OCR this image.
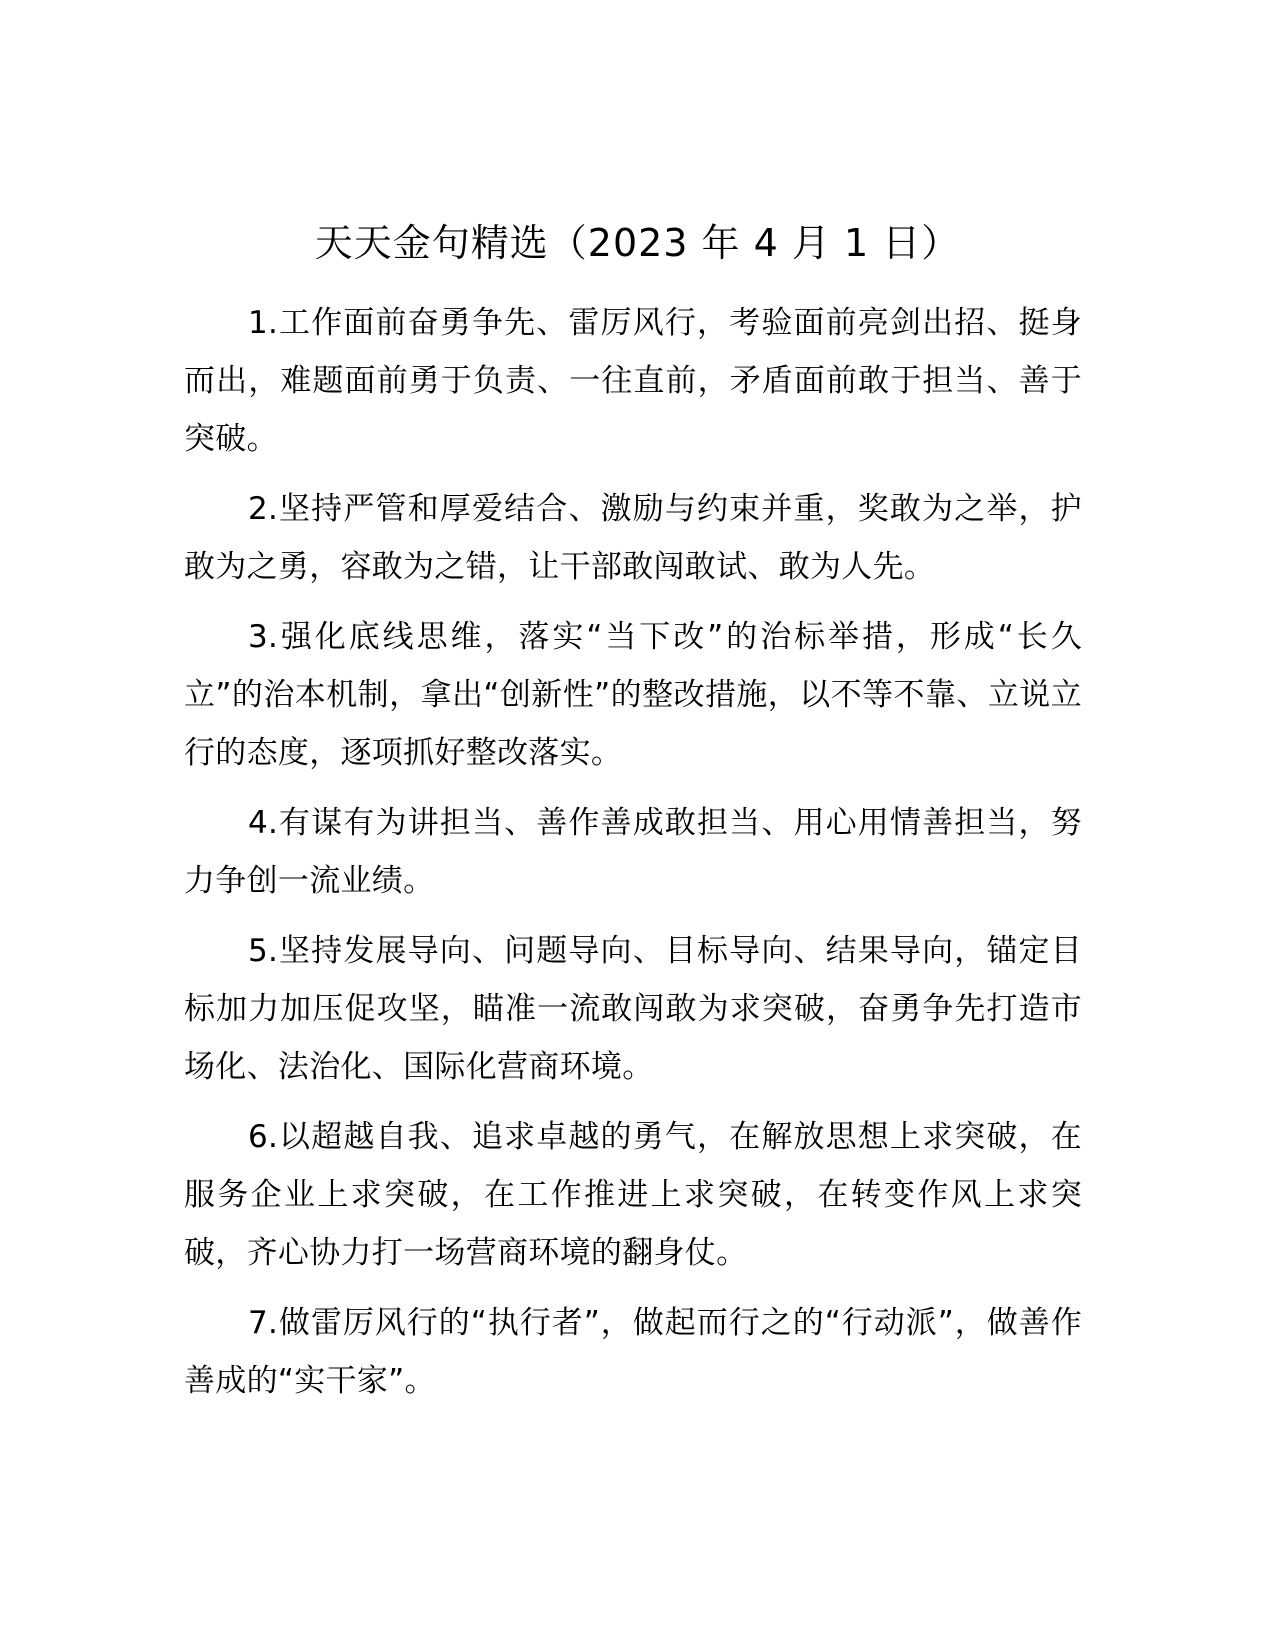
天天金句精选（2023 年 4 月 1 日）

1.工作面前奋勇争先、雷厉风行，考验面前亮剑出招、挺身而出，难题面前勇于负责、一往直前，矛盾面前敢于担当、善于突破。

2.坚持严管和厚爱结合、激励与约束并重，奖敢为之举，护敢为之勇，容敢为之错，让干部敢闯敢试、敢为人先。

3.强化底线思维，落实“当下改”的治标举措，形成“长久立”的治本机制，拿出“创新性”的整改措施，以不等不靠、立说立行的态度，逐项抓好整改落实。

4.有谋有为讲担当、善作善成敢担当、用心用情善担当，努力争创一流业绩。

5.坚持发展导向、问题导向、目标导向、结果导向，锚定目标加力加压促攻坚，瞄准一流敢闯敢为求突破，奋勇争先打造市场化、法治化、国际化营商环境。

6.以超越自我、追求卓越的勇气，在解放思想上求突破，在服务企业上求突破，在工作推进上求突破，在转变作风上求突破，齐心协力打一场营商环境的翻身仗。

7.做雷厉风行的“执行者”，做起而行之的“行动派”，做善作善成的“实干家”。
